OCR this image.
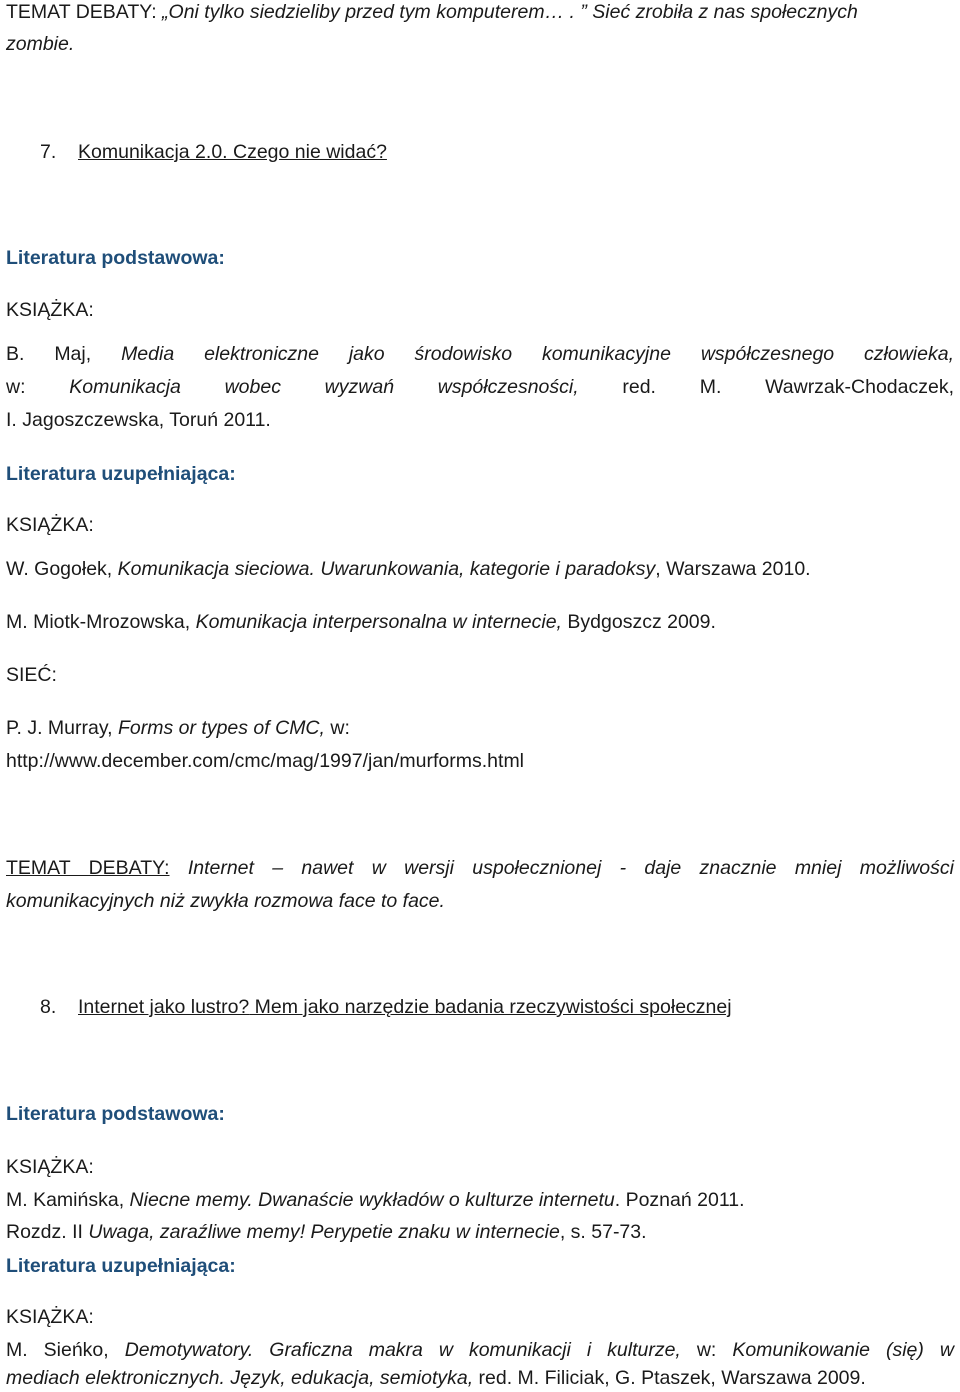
TEMAT DEBATY: „Oni tylko siedzieliby przed tym komputerem… . ” Sieć zrobiła z nas społecznych
zombie.
7. Komunikacja 2.0. Czego nie widać?
Literatura podstawowa:
KSIĄŻKA:
B. Maj, Media elektroniczne jako środowisko komunikacyjne współczesnego człowieka,
w: Komunikacja wobec wyzwań współczesności, red. M. Wawrzak-Chodaczek,
I. Jagoszczewska, Toruń 2011.
Literatura uzupełniająca:
KSIĄŻKA:
W. Gogołek, Komunikacja sieciowa. Uwarunkowania, kategorie i paradoksy, Warszawa 2010.
M. Miotk-Mrozowska, Komunikacja interpersonalna w internecie, Bydgoszcz 2009.
SIEĆ:
P. J. Murray, Forms or types of CMC, w:
http://www.december.com/cmc/mag/1997/jan/murforms.html
TEMAT DEBATY: Internet – nawet w wersji uspołecznionej - daje znacznie mniej możliwości
komunikacyjnych niż zwykła rozmowa face to face.
8. Internet jako lustro? Mem jako narzędzie badania rzeczywistości społecznej
Literatura podstawowa:
KSIĄŻKA:
M. Kamińska, Niecne memy. Dwanaście wykładów o kulturze internetu. Poznań 2011.
Rozdz. II Uwaga, zaraźliwe memy! Perypetie znaku w internecie, s. 57-73.
Literatura uzupełniająca:
KSIĄŻKA:
M. Sieńko, Demotywatory. Graficzna makra w komunikacji i kulturze, w: Komunikowanie (się) w
mediach elektronicznych. Język, edukacja, semiotyka, red. M. Filiciak, G. Ptaszek, Warszawa 2009.
